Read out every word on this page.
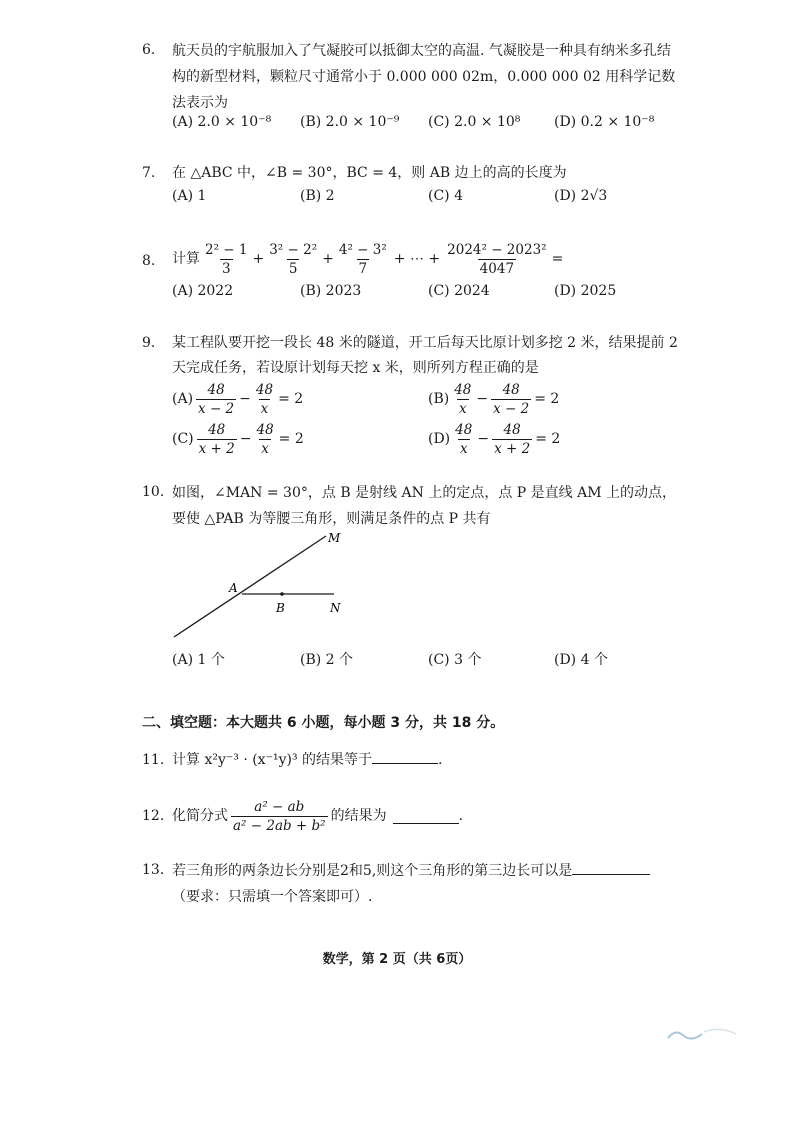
6.	航天员的宇航服加入了气凝胶可以抵御太空的高温. 气凝胶是一种具有纳米多孔结构的新型材料，颗粒尺寸通常小于 0.000 000 02m，0.000 000 02 用科学记数法表示为
(A) 2.0 × 10⁻⁸ (B) 2.0 × 10⁻⁹ (C) 2.0 × 10⁸ (D) 0.2 × 10⁻⁸
7.	在 △ABC 中，∠B = 30°，BC = 4，则 AB 边上的高的长度为
(A) 1	(B) 2	(C) 4	(D) 2√3
8.	计算 $\frac{\text{2² − 1}}{3} + \frac{\text{3² − 2²}}{5} + \frac{\text{4² − 3²}}{7}$ + ⋯ + $\frac{\text{2024² − 2023²}}{4047}$ =
(A) 2022	(B) 2023	(C) 2024	(D) 2025
9.	某工程队要开挖一段长 48 米的隧道，开工后每天比原计划多挖 2 米，结果提前 2 天完成任务，若设原计划每天挖 x 米，则所列方程正确的是
$(A) \frac{48}{x - 2} - \frac{48}{x} = 2$	$(B) \frac{48}{x} - \frac{48}{x - 2} = 2$
$(C) \frac{48}{x + 2} - \frac{48}{x} = 2$	$(D) \frac{48}{x} - \frac{48}{x + 2} = 2$
10. 如图，∠MAN = 30°，点 B 是射线 AN 上的定点，点 P 是直线 AM 上的动点，要使 △PAB 为等腰三角形，则满足条件的点 P 共有
M
A
B	N
(A) 1 个	(B) 2 个	(C) 3 个	(D) 4 个
二、填空题：本大题共 6 小题，每小题 3 分，共 18 分。
11. 计算 x²y⁻³ · (x⁻¹y)³ 的结果等于	.
12. 化简分式 $\frac{\text{a² − ab}}{\text{a² − 2ab + b²}}$ 的结果为	.
13. 若三角形的两条边长分别是2和5,则这个三角形的第三边长可以是
（要求：只需填一个答案即可）.
数学，第 2 页（共 6页）
